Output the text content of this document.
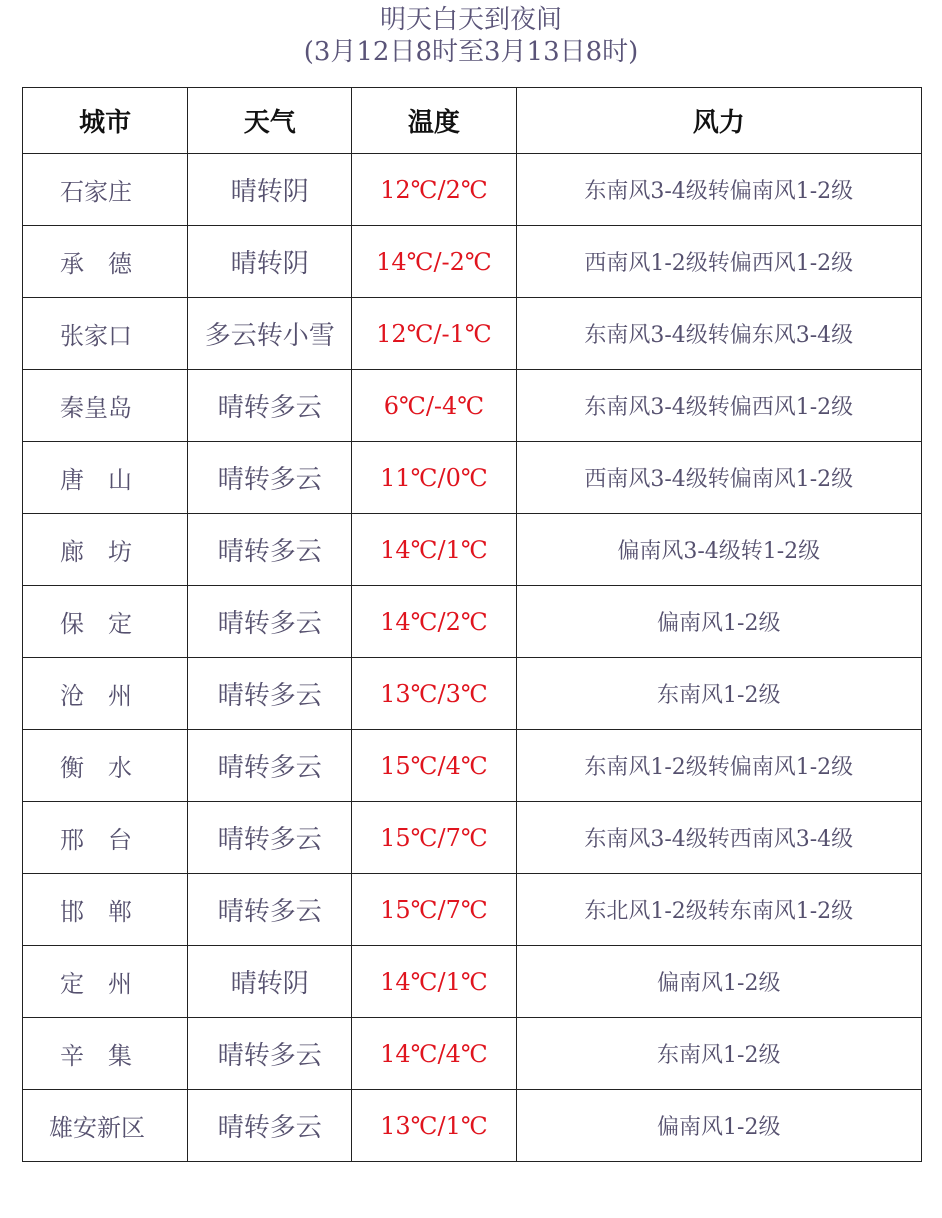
明天白天到夜间
(3月12日8时至3月13日8时)
城市	天气	温度	风力
石家庄	晴转阴	12℃/2℃	东南风3-4级转偏南风1-2级
承德	晴转阴	14℃/-2℃	西南风1-2级转偏西风1-2级
张家口	多云转小雪	12℃/-1℃	东南风3-4级转偏东风3-4级
秦皇岛	晴转多云	6℃/-4℃	东南风3-4级转偏西风1-2级
唐山	晴转多云	11℃/0℃	西南风3-4级转偏南风1-2级
廊坊	晴转多云	14℃/1℃	偏南风3-4级转1-2级
保定	晴转多云	14℃/2℃	偏南风1-2级
沧州	晴转多云	13℃/3℃	东南风1-2级
衡水	晴转多云	15℃/4℃	东南风1-2级转偏南风1-2级
邢台	晴转多云	15℃/7℃	东南风3-4级转西南风3-4级
邯郸	晴转多云	15℃/7℃	东北风1-2级转东南风1-2级
定州	晴转阴	14℃/1℃	偏南风1-2级
辛集	晴转多云	14℃/4℃	东南风1-2级
雄安新区	晴转多云	13℃/1℃	偏南风1-2级
